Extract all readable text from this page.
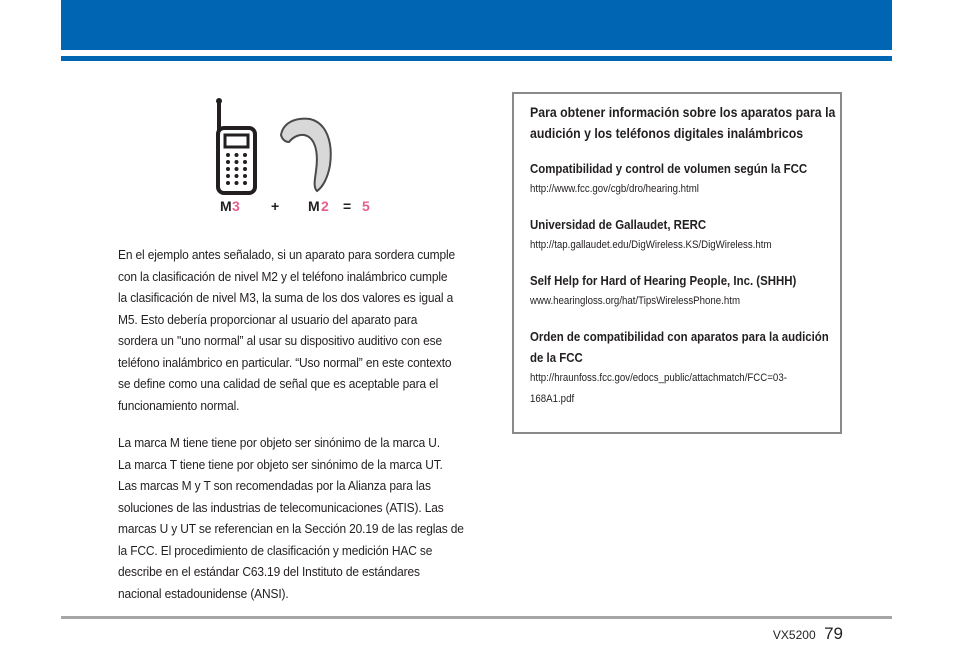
M 3 + M 2 = 5
En el ejemplo antes señalado, si un aparato para sordera cumple
con la clasificación de nivel M2 y el teléfono inalámbrico cumple
la clasificación de nivel M3, la suma de los dos valores es igual a
M5. Esto debería proporcionar al usuario del aparato para
sordera un "uno normal” al usar su dispositivo auditivo con ese
teléfono inalámbrico en particular. “Uso normal” en este contexto
se define como una calidad de señal que es aceptable para el
funcionamiento normal.
La marca M tiene tiene por objeto ser sinónimo de la marca U.
La marca T tiene tiene por objeto ser sinónimo de la marca UT.
Las marcas M y T son recomendadas por la Alianza para las
soluciones de las industrias de telecomunicaciones (ATIS). Las
marcas U y UT se referencian en la Sección 20.19 de las reglas de
la FCC. El procedimiento de clasificación y medición HAC se
describe en el estándar C63.19 del Instituto de estándares
nacional estadounidense (ANSI).
Para obtener información sobre los aparatos para la
audición y los teléfonos digitales inalámbricos
Compatibilidad y control de volumen según la FCC
http://www.fcc.gov/cgb/dro/hearing.html
Universidad de Gallaudet, RERC
http://tap.gallaudet.edu/DigWireless.KS/DigWireless.htm
Self Help for Hard of Hearing People, Inc. (SHHH)
www.hearingloss.org/hat/TipsWirelessPhone.htm
Orden de compatibilidad con aparatos para la audición
de la FCC
http://hraunfoss.fcc.gov/edocs_public/attachmatch/FCC=03-
168A1.pdf
VX5200 79
